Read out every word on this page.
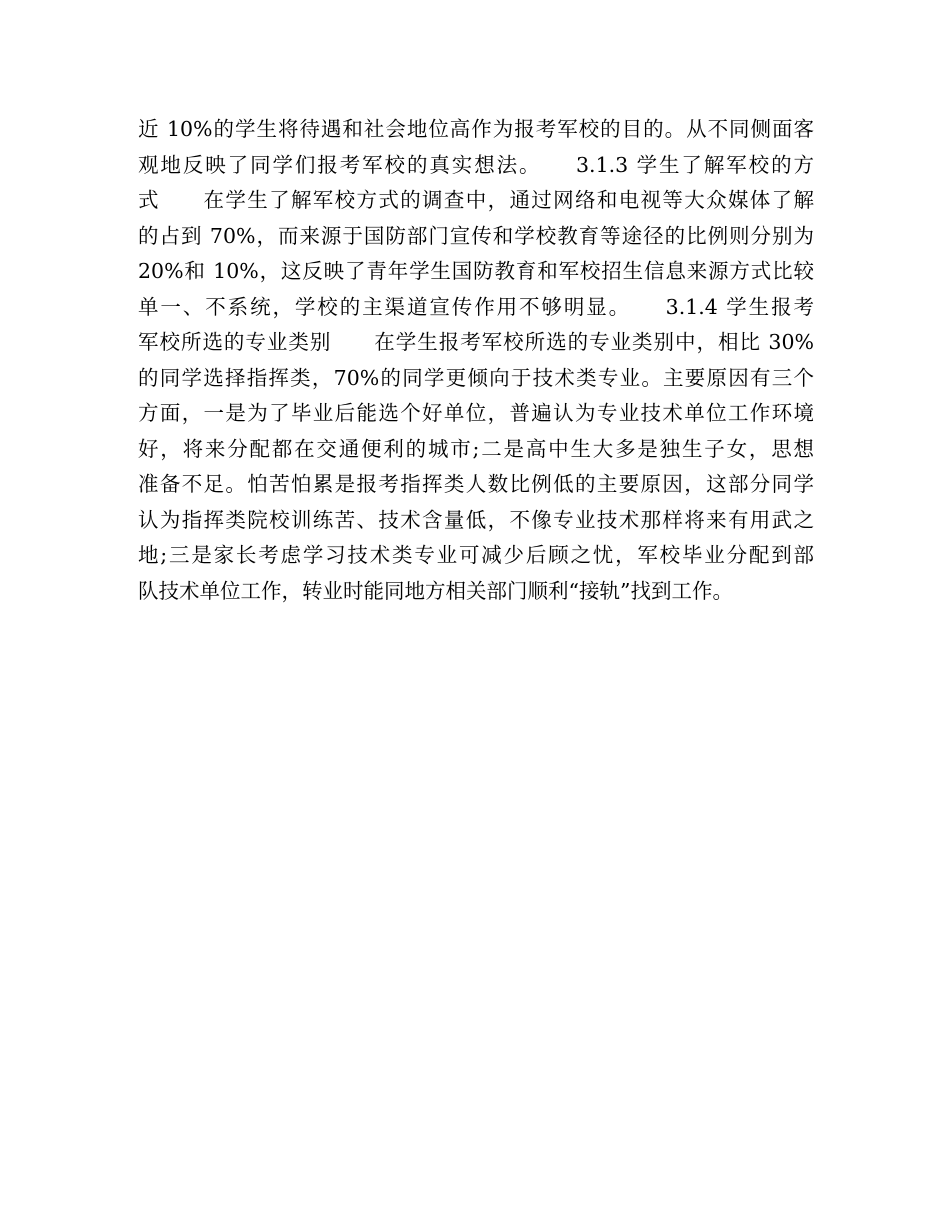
近 10%的学生将待遇和社会地位高作为报考军校的目的。从不同侧面客
观地反映了同学们报考军校的真实想法。　　3.1.3 学生了解军校的方
式　　在学生了解军校方式的调查中，通过网络和电视等大众媒体了解
的占到 70%，而来源于国防部门宣传和学校教育等途径的比例则分别为
20%和 10%，这反映了青年学生国防教育和军校招生信息来源方式比较
单一、不系统，学校的主渠道宣传作用不够明显。　　3.1.4 学生报考
军校所选的专业类别　　在学生报考军校所选的专业类别中，相比 30%
的同学选择指挥类，70%的同学更倾向于技术类专业。主要原因有三个
方面，一是为了毕业后能选个好单位，普遍认为专业技术单位工作环境
好，将来分配都在交通便利的城市;二是高中生大多是独生子女，思想
准备不足。怕苦怕累是报考指挥类人数比例低的主要原因，这部分同学
认为指挥类院校训练苦、技术含量低，不像专业技术那样将来有用武之
地;三是家长考虑学习技术类专业可减少后顾之忧，军校毕业分配到部
队技术单位工作，转业时能同地方相关部门顺利“接轨”找到工作。
